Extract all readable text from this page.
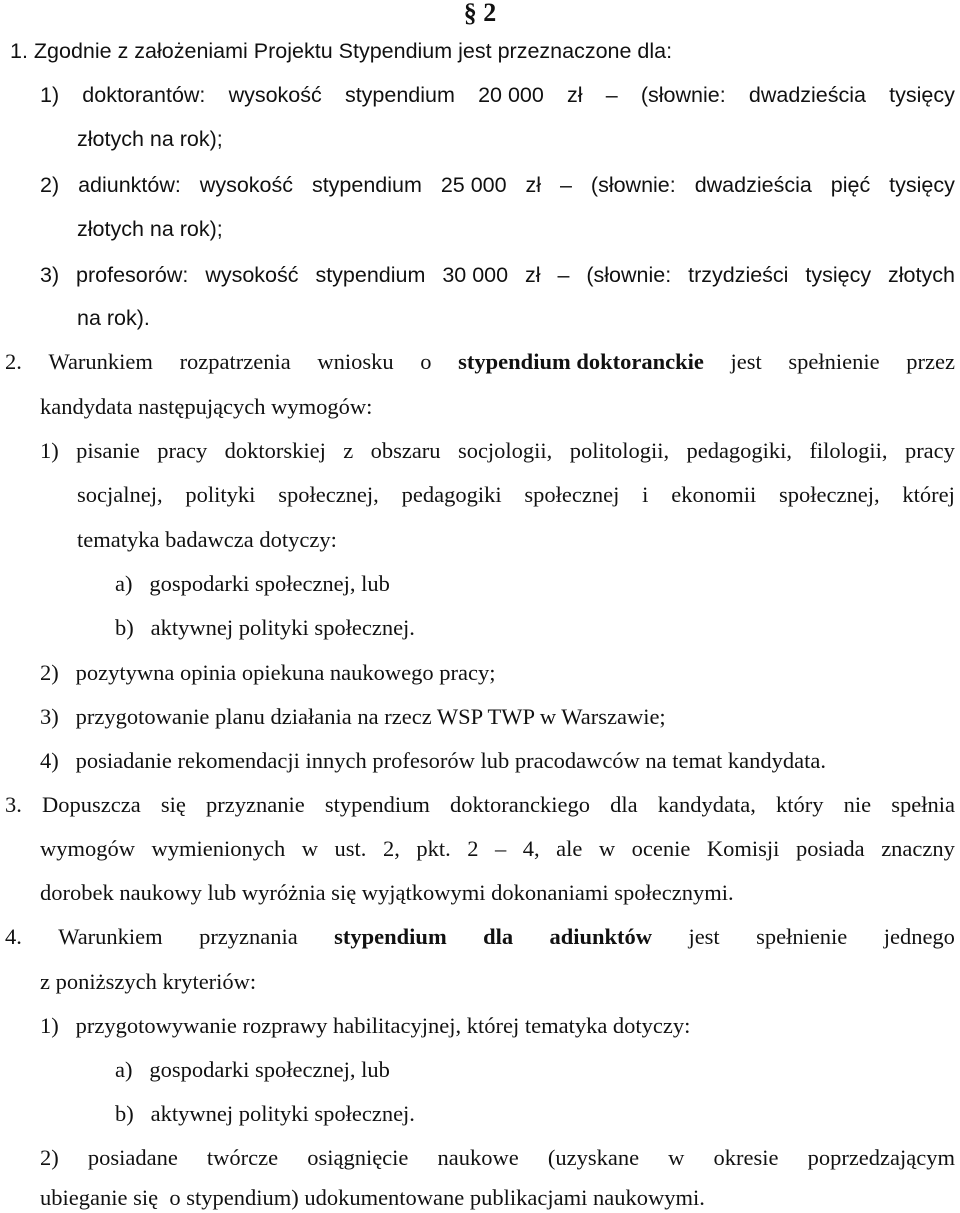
§ 2
1. Zgodnie z założeniami Projektu Stypendium jest przeznaczone dla:
1) doktorantów: wysokość stypendium 20 000 zł – (słownie: dwadzieścia tysięcy
złotych na rok);
2) adiunktów: wysokość stypendium 25 000 zł – (słownie: dwadzieścia pięć tysięcy
złotych na rok);
3) profesorów: wysokość stypendium 30 000 zł – (słownie: trzydzieści tysięcy złotych
na rok).
2. Warunkiem rozpatrzenia wniosku o stypendium doktoranckie jest spełnienie przez
kandydata następujących wymogów:
1) pisanie pracy doktorskiej z obszaru socjologii, politologii, pedagogiki, filologii, pracy
socjalnej, polityki społecznej, pedagogiki społecznej i ekonomii społecznej, której
tematyka badawcza dotyczy:
a)   gospodarki społecznej, lub
b)   aktywnej polityki społecznej.
2)   pozytywna opinia opiekuna naukowego pracy;
3)   przygotowanie planu działania na rzecz WSP TWP w Warszawie;
4)   posiadanie rekomendacji innych profesorów lub pracodawców na temat kandydata.
3. Dopuszcza się przyznanie stypendium doktoranckiego dla kandydata, który nie spełnia
wymogów wymienionych w ust. 2, pkt. 2 – 4, ale w ocenie Komisji posiada znaczny
dorobek naukowy lub wyróżnia się wyjątkowymi dokonaniami społecznymi.
4. Warunkiem przyznania stypendium dla adiunktów jest spełnienie jednego
z poniższych kryteriów:
1)   przygotowywanie rozprawy habilitacyjnej, której tematyka dotyczy:
a)   gospodarki społecznej, lub
b)   aktywnej polityki społecznej.
2) posiadane twórcze osiągnięcie naukowe (uzyskane w okresie poprzedzającym
ubieganie się  o stypendium) udokumentowane publikacjami naukowymi.
